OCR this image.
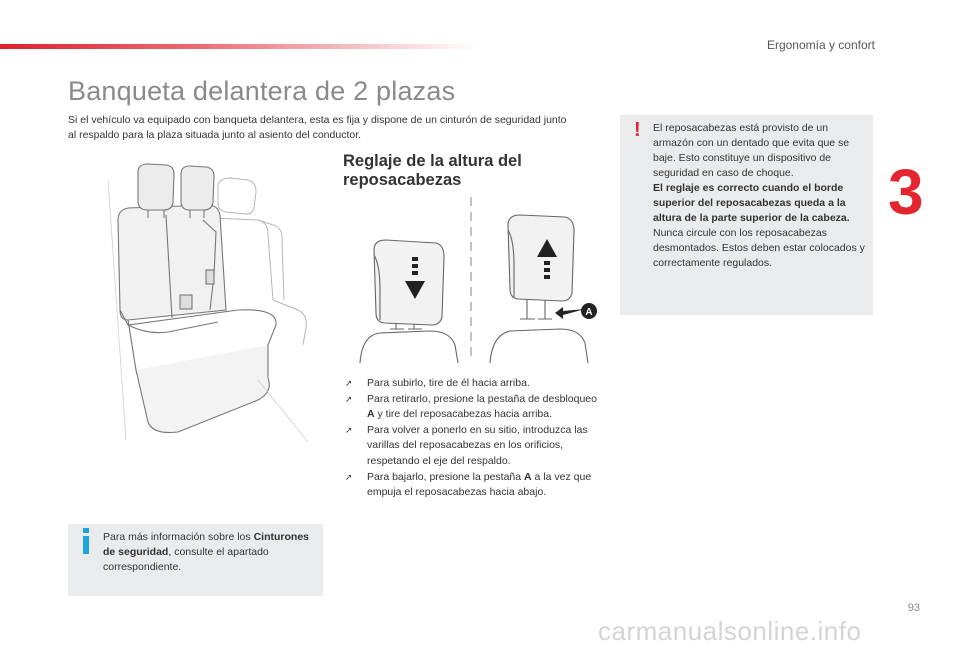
Ergonomía y confort
3
Banqueta delantera de 2 plazas

Si el vehículo va equipado con banqueta delantera, esta es fija y dispone de un cinturón de seguridad junto al respaldo para la plaza situada junto al asiento del conductor.

Reglaje de la altura del
reposacabezas
A
➚ Para subirlo, tire de él hacia arriba.
➚ Para retirarlo, presione la pestaña de desbloqueo A y tire del reposacabezas hacia arriba.
➚ Para volver a ponerlo en su sitio, introduzca las varillas del reposacabezas en los orificios, respetando el eje del respaldo.
➚ Para bajarlo, presione la pestaña A a la vez que empuja el reposacabezas hacia abajo.
! El reposacabezas está provisto de un armazón con un dentado que evita que se baje. Esto constituye un dispositivo de seguridad en caso de choque.
El reglaje es correcto cuando el borde superior del reposacabezas queda a la altura de la parte superior de la cabeza.
Nunca circule con los reposacabezas desmontados. Estos deben estar colocados y correctamente regulados.

Para más información sobre los Cinturones de seguridad, consulte el apartado correspondiente.

93
carmanualsonline.info
